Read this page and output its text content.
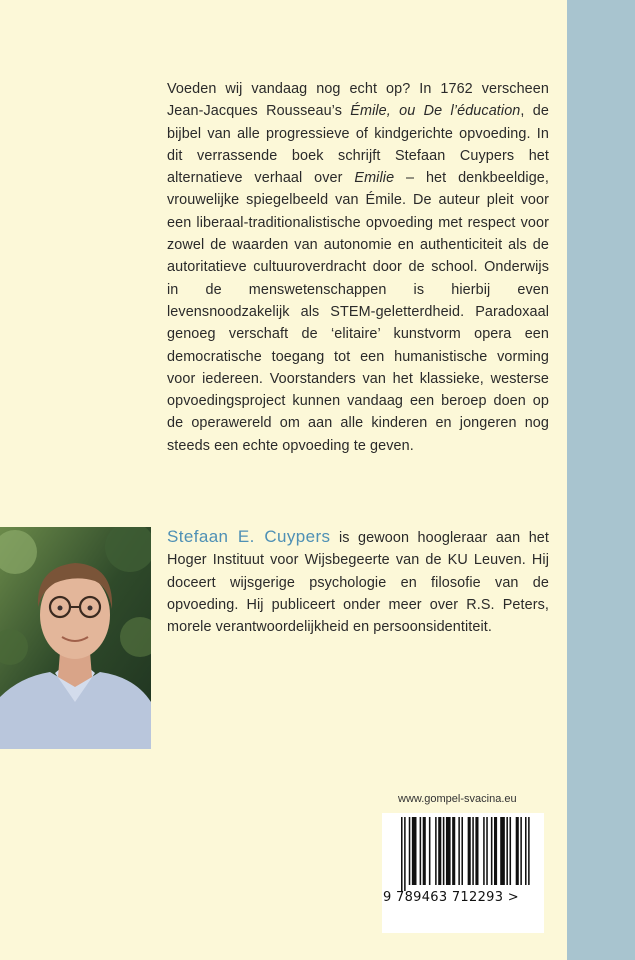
Voeden wij vandaag nog echt op? In 1762 verscheen Jean-Jacques Rousseau’s Émile, ou De l’éducation, de bijbel van alle progressieve of kindgerichte opvoeding. In dit verrassende boek schrijft Stefaan Cuypers het alternatieve verhaal over Emilie – het denkbeeldige, vrouwelijke spiegelbeeld van Émile. De auteur pleit voor een liberaal-traditionalistische opvoeding met respect voor zowel de waarden van autonomie en authenticiteit als de autoritatieve cultuuroverdracht door de school. Onderwijs in de menswetenschappen is hierbij even levensnoodzakelijk als STEM-geletterdheid. Paradoxaal genoeg verschaft de ‘elitaire’ kunstvorm opera een democratische toegang tot een humanistische vorming voor iedereen. Voorstanders van het klassieke, westerse opvoedingsproject kunnen vandaag een beroep doen op de operawereld om aan alle kinderen en jongeren nog steeds een echte opvoeding te geven.

Stefaan E. Cuypers is gewoon hoogleraar aan het Hoger Instituut voor Wijsbegeerte van de KU Leuven. Hij doceert wijsgerige psychologie en filosofie van de opvoeding. Hij publiceert onder meer over R.S. Peters, morele verantwoordelijkheid en persoonsidentiteit.

www.gompel-svacina.eu
9 789463 712293 >
